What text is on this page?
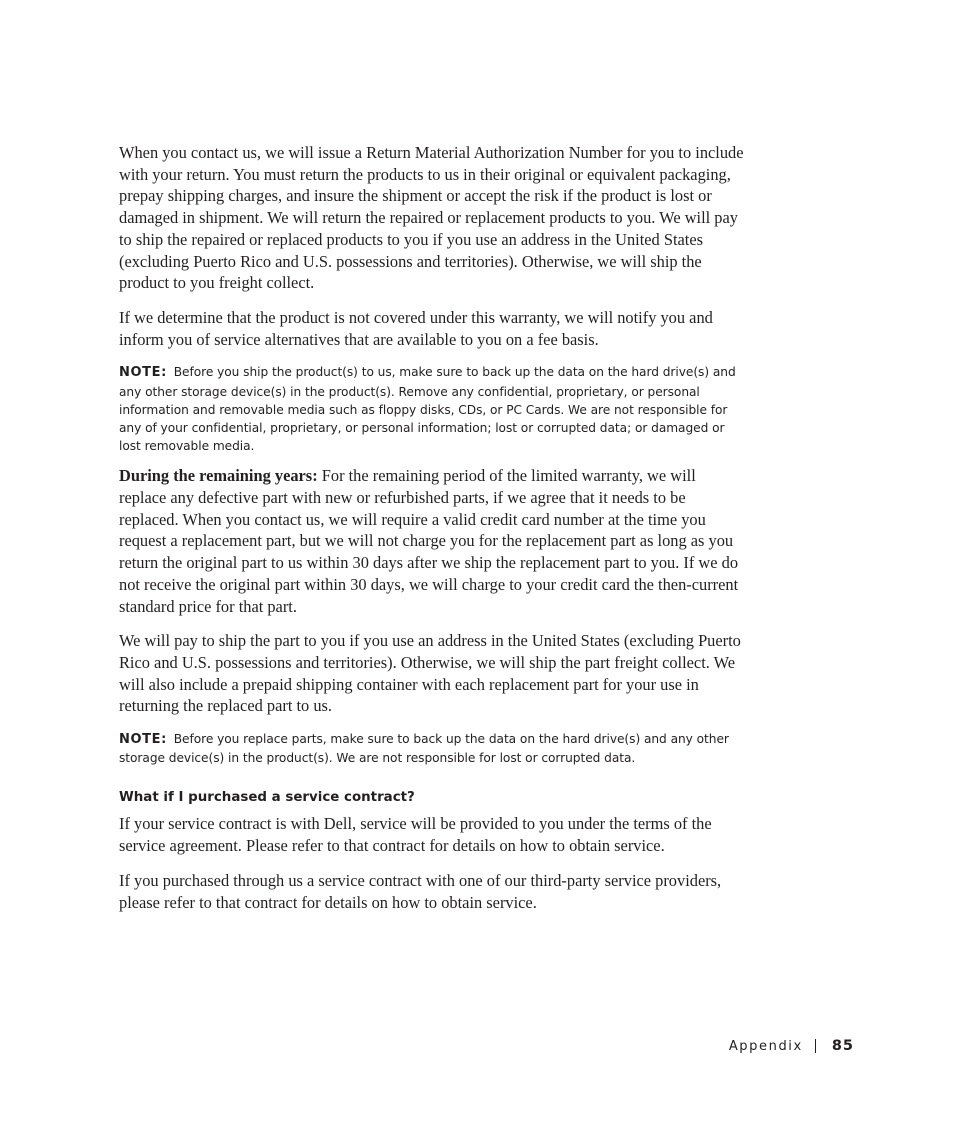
When you contact us, we will issue a Return Material Authorization Number for you to include with your return. You must return the products to us in their original or equivalent packaging, prepay shipping charges, and insure the shipment or accept the risk if the product is lost or damaged in shipment. We will return the repaired or replacement products to you. We will pay to ship the repaired or replaced products to you if you use an address in the United States (excluding Puerto Rico and U.S. possessions and territories). Otherwise, we will ship the product to you freight collect.

If we determine that the product is not covered under this warranty, we will notify you and inform you of service alternatives that are available to you on a fee basis.

NOTE: Before you ship the product(s) to us, make sure to back up the data on the hard drive(s) and any other storage device(s) in the product(s). Remove any confidential, proprietary, or personal information and removable media such as floppy disks, CDs, or PC Cards. We are not responsible for any of your confidential, proprietary, or personal information; lost or corrupted data; or damaged or lost removable media.

During the remaining years: For the remaining period of the limited warranty, we will replace any defective part with new or refurbished parts, if we agree that it needs to be replaced. When you contact us, we will require a valid credit card number at the time you request a replacement part, but we will not charge you for the replacement part as long as you return the original part to us within 30 days after we ship the replacement part to you. If we do not receive the original part within 30 days, we will charge to your credit card the then-current standard price for that part.

We will pay to ship the part to you if you use an address in the United States (excluding Puerto Rico and U.S. possessions and territories). Otherwise, we will ship the part freight collect. We will also include a prepaid shipping container with each replacement part for your use in returning the replaced part to us.

NOTE: Before you replace parts, make sure to back up the data on the hard drive(s) and any other storage device(s) in the product(s). We are not responsible for lost or corrupted data.

What if I purchased a service contract?

If your service contract is with Dell, service will be provided to you under the terms of the service agreement. Please refer to that contract for details on how to obtain service.

If you purchased through us a service contract with one of our third-party service providers, please refer to that contract for details on how to obtain service.

Appendix 85
